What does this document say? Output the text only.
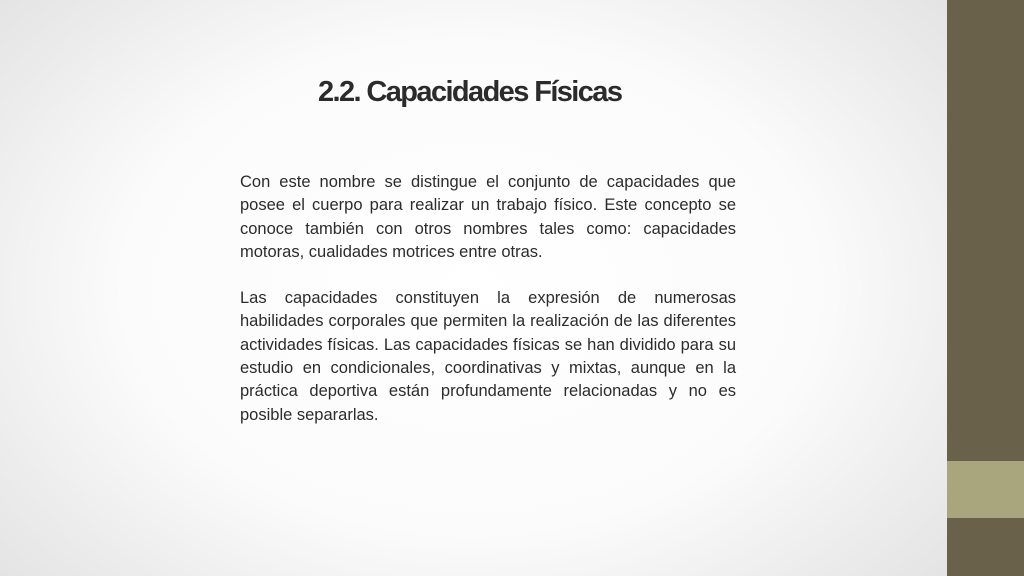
2.2. Capacidades Físicas

Con este nombre se distingue el conjunto de capacidades que posee el cuerpo para realizar un trabajo físico. Este concepto se conoce también con otros nombres tales como: capacidades motoras, cualidades motrices entre otras.

Las capacidades constituyen la expresión de numerosas habilidades corporales que permiten la realización de las diferentes actividades físicas. Las capacidades físicas se han dividido para su estudio en condicionales, coordinativas y mixtas, aunque en la práctica deportiva están profundamente relacionadas y no es posible separarlas.
